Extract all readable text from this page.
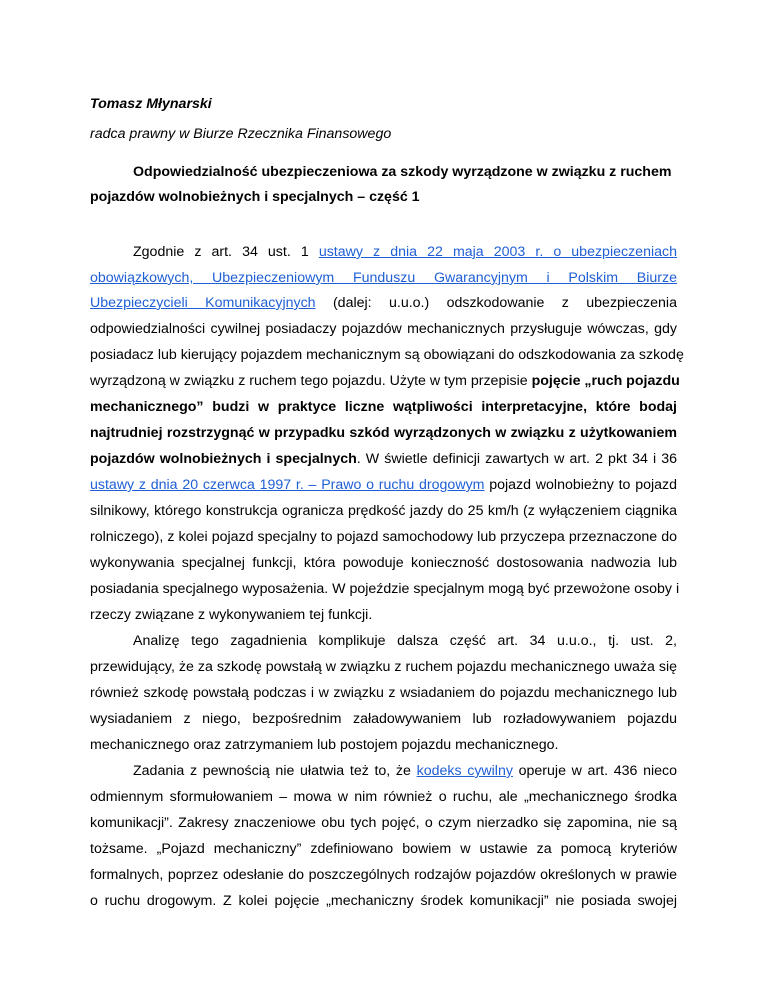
Tomasz Młynarski
radca prawny w Biurze Rzecznika Finansowego
Odpowiedzialność ubezpieczeniowa za szkody wyrządzone w związku z ruchem
pojazdów wolnobieżnych i specjalnych – część 1
Zgodnie z art. 34 ust. 1 ustawy z dnia 22 maja 2003 r. o ubezpieczeniach
obowiązkowych, Ubezpieczeniowym Funduszu Gwarancyjnym i Polskim Biurze
Ubezpieczycieli Komunikacyjnych (dalej: u.u.o.) odszkodowanie z ubezpieczenia
odpowiedzialności cywilnej posiadaczy pojazdów mechanicznych przysługuje wówczas, gdy
posiadacz lub kierujący pojazdem mechanicznym są obowiązani do odszkodowania za szkodę
wyrządzoną w związku z ruchem tego pojazdu. Użyte w tym przepisie pojęcie „ruch pojazdu
mechanicznego” budzi w praktyce liczne wątpliwości interpretacyjne, które bodaj
najtrudniej rozstrzygnąć w przypadku szkód wyrządzonych w związku z użytkowaniem
pojazdów wolnobieżnych i specjalnych. W świetle definicji zawartych w art. 2 pkt 34 i 36
ustawy z dnia 20 czerwca 1997 r. – Prawo o ruchu drogowym pojazd wolnobieżny to pojazd
silnikowy, którego konstrukcja ogranicza prędkość jazdy do 25 km/h (z wyłączeniem ciągnika
rolniczego), z kolei pojazd specjalny to pojazd samochodowy lub przyczepa przeznaczone do
wykonywania specjalnej funkcji, która powoduje konieczność dostosowania nadwozia lub
posiadania specjalnego wyposażenia. W pojeździe specjalnym mogą być przewożone osoby i
rzeczy związane z wykonywaniem tej funkcji.
Analizę tego zagadnienia komplikuje dalsza część art. 34 u.u.o., tj. ust. 2,
przewidujący, że za szkodę powstałą w związku z ruchem pojazdu mechanicznego uważa się
również szkodę powstałą podczas i w związku z wsiadaniem do pojazdu mechanicznego lub
wysiadaniem z niego, bezpośrednim załadowywaniem lub rozładowywaniem pojazdu
mechanicznego oraz zatrzymaniem lub postojem pojazdu mechanicznego.
Zadania z pewnością nie ułatwia też to, że kodeks cywilny operuje w art. 436 nieco
odmiennym sformułowaniem – mowa w nim również o ruchu, ale „mechanicznego środka
komunikacji”. Zakresy znaczeniowe obu tych pojęć, o czym nierzadko się zapomina, nie są
tożsame. „Pojazd mechaniczny” zdefiniowano bowiem w ustawie za pomocą kryteriów
formalnych, poprzez odesłanie do poszczególnych rodzajów pojazdów określonych w prawie
o ruchu drogowym. Z kolei pojęcie „mechaniczny środek komunikacji” nie posiada swojej
